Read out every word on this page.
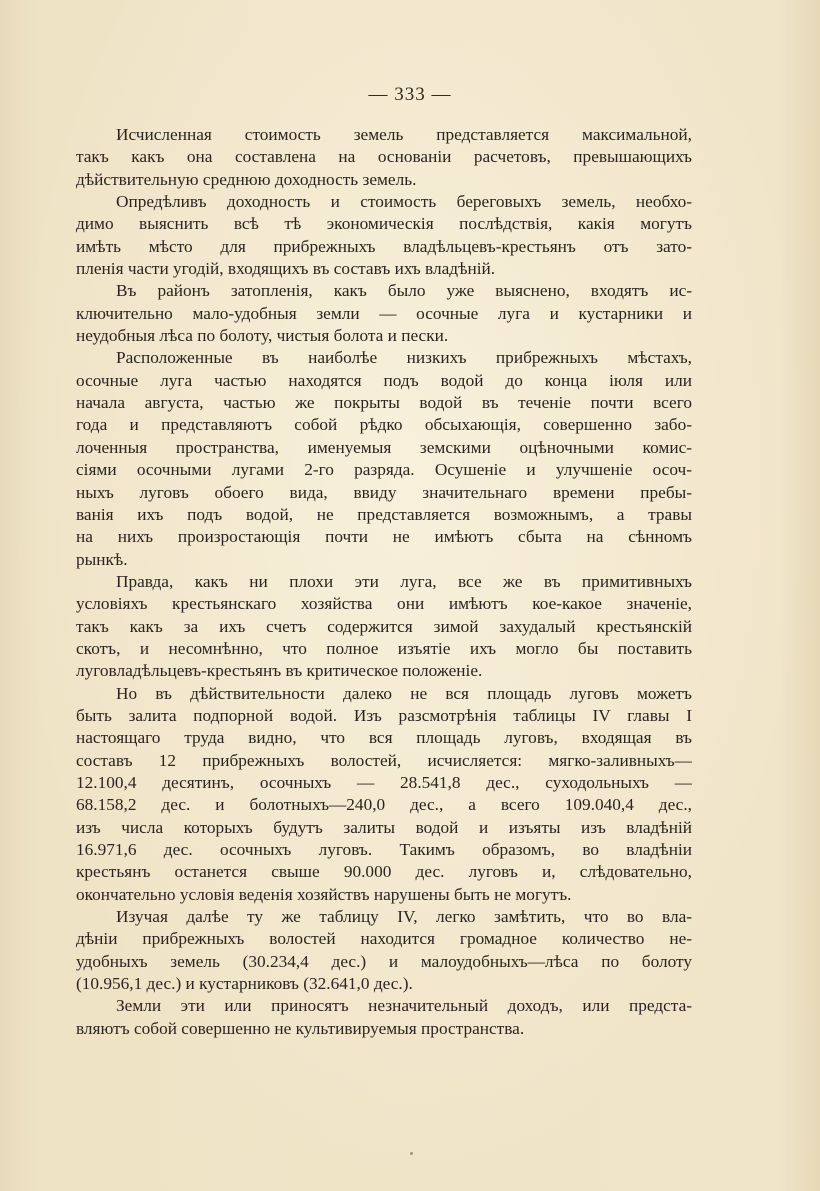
— 333 —
Исчисленная стоимость земель представляется максимальной,
такъ какъ она составлена на основаніи расчетовъ, превышающихъ
дѣйствительную среднюю доходность земель.
Опредѣливъ доходность и стоимость береговыхъ земель, необхо-
димо выяснить всѣ тѣ экономическія послѣдствія, какія могутъ
имѣть мѣсто для прибрежныхъ владѣльцевъ-крестьянъ отъ зато-
пленія части угодій, входящихъ въ составъ ихъ владѣній.
Въ районъ затопленія, какъ было уже выяснено, входятъ ис-
ключительно мало-удобныя земли — осочные луга и кустарники и
неудобныя лѣса по болоту, чистыя болота и пески.
Расположенные въ наиболѣе низкихъ прибрежныхъ мѣстахъ,
осочные луга частью находятся подъ водой до конца іюля или
начала августа, частью же покрыты водой въ теченіе почти всего
года и представляютъ собой рѣдко обсыхающія, совершенно забо-
лоченныя пространства, именуемыя земскими оцѣночными комис-
сіями осочными лугами 2-го разряда. Осушеніе и улучшеніе осоч-
ныхъ луговъ обоего вида, ввиду значительнаго времени пребы-
ванія ихъ подъ водой, не представляется возможнымъ, а травы
на нихъ произростающія почти не имѣютъ сбыта на сѣнномъ
рынкѣ.
Правда, какъ ни плохи эти луга, все же въ примитивныхъ
условіяхъ крестьянскаго хозяйства они имѣютъ кое-какое значеніе,
такъ какъ за ихъ счетъ содержится зимой захудалый крестьянскій
скотъ, и несомнѣнно, что полное изъятіе ихъ могло бы поставить
луговладѣльцевъ-крестьянъ въ критическое положеніе.
Но въ дѣйствительности далеко не вся площадь луговъ можетъ
быть залита подпорной водой. Изъ разсмотрѣнія таблицы IV главы I
настоящаго труда видно, что вся площадь луговъ, входящая въ
составъ 12 прибрежныхъ волостей, исчисляется: мягко-заливныхъ—
12.100,4 десятинъ, осочныхъ — 28.541,8 дес., суходольныхъ —
68.158,2 дес. и болотныхъ—240,0 дес., а всего 109.040,4 дес.,
изъ числа которыхъ будутъ залиты водой и изъяты изъ владѣній
16.971,6 дес. осочныхъ луговъ. Такимъ образомъ, во владѣніи
крестьянъ останется свыше 90.000 дес. луговъ и, слѣдовательно,
окончательно условія веденія хозяйствъ нарушены быть не могутъ.
Изучая далѣе ту же таблицу IV, легко замѣтить, что во вла-
дѣніи прибрежныхъ волостей находится громадное количество не-
удобныхъ земель (30.234,4 дес.) и малоудобныхъ—лѣса по болоту
(10.956,1 дес.) и кустарниковъ (32.641,0 дес.).
Земли эти или приносятъ незначительный доходъ, или предста-
вляютъ собой совершенно не культивируемыя пространства.
